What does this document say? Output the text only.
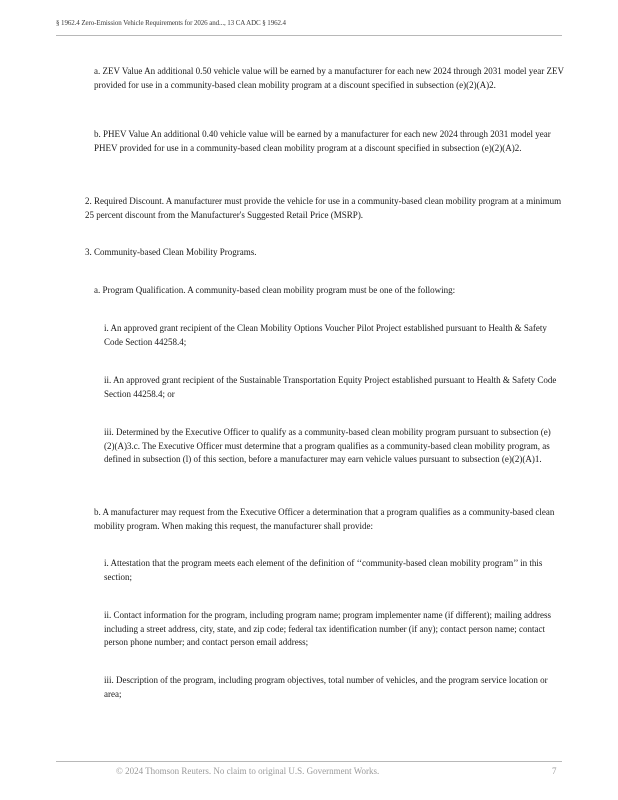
§ 1962.4 Zero-Emission Vehicle Requirements for 2026 and..., 13 CA ADC § 1962.4

a. ZEV Value An additional 0.50 vehicle value will be earned by a manufacturer for each new 2024 through 2031 model year ZEV provided for use in a community-based clean mobility program at a discount specified in subsection (e)(2)(A)2.

b. PHEV Value An additional 0.40 vehicle value will be earned by a manufacturer for each new 2024 through 2031 model year PHEV provided for use in a community-based clean mobility program at a discount specified in subsection (e)(2)(A)2.

2. Required Discount. A manufacturer must provide the vehicle for use in a community-based clean mobility program at a minimum 25 percent discount from the Manufacturer's Suggested Retail Price (MSRP).

3. Community-based Clean Mobility Programs.

a. Program Qualification. A community-based clean mobility program must be one of the following:

i. An approved grant recipient of the Clean Mobility Options Voucher Pilot Project established pursuant to Health & Safety Code Section 44258.4;

ii. An approved grant recipient of the Sustainable Transportation Equity Project established pursuant to Health & Safety Code Section 44258.4; or

iii. Determined by the Executive Officer to qualify as a community-based clean mobility program pursuant to subsection (e)(2)(A)3.c. The Executive Officer must determine that a program qualifies as a community-based clean mobility program, as defined in subsection (l) of this section, before a manufacturer may earn vehicle values pursuant to subsection (e)(2)(A)1.

b. A manufacturer may request from the Executive Officer a determination that a program qualifies as a community-based clean mobility program. When making this request, the manufacturer shall provide:

i. Attestation that the program meets each element of the definition of ‘‘community-based clean mobility program’’ in this section;

ii. Contact information for the program, including program name; program implementer name (if different); mailing address including a street address, city, state, and zip code; federal tax identification number (if any); contact person name; contact person phone number; and contact person email address;

iii. Description of the program, including program objectives, total number of vehicles, and the program service location or area;

© 2024 Thomson Reuters. No claim to original U.S. Government Works.	7
